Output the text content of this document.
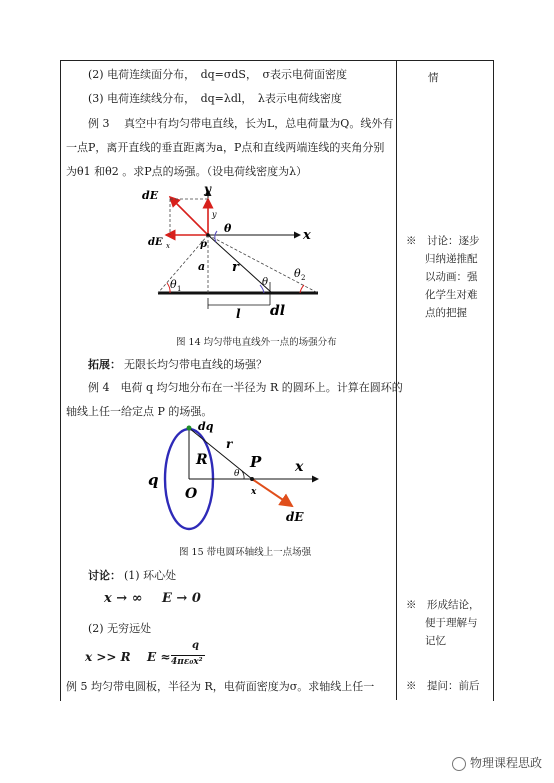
(2) 电荷连续面分布，　dq=σdS，　σ表示电荷面密度
(3) 电荷连续线分布，　dq=λdl，　λ表示电荷线密度
例 3　 真空中有均匀带电直线，长为L，总电荷量为Q。线外有
一点P，离开直线的垂直距离为a，P点和直线两端连线的夹角分别
为θ1 和θ2 。求P点的场强。（设电荷线密度为λ）
y
x
dE
y
dE x	p
θ
a r
θ 1
θ
θ 2
l dl
图 14 均匀带电直线外一点的场强分布
拓展： 无限长均匀带电直线的场强？
例 4　电荷 q 均匀地分布在一半径为 R 的圆环上。计算在圆环的
轴线上任一给定点 P 的场强。
dq
q
R
r
θ
P x
O	x
dE
图 15 带电圆环轴线上一点场强
讨论： (1) 环心处
x → ∞ E → 0
(2) 无穷远处
x >> R E ≈
q
4πε₀x²
例 5 均匀带电圆板，半径为 R，电荷面密度为σ。求轴线上任一
情
※　讨论：逐步
归纳递推配
以动画：强
化学生对难
点的把握
※　形成结论，
便于理解与
记忆
※　提问：前后
物理课程思政
